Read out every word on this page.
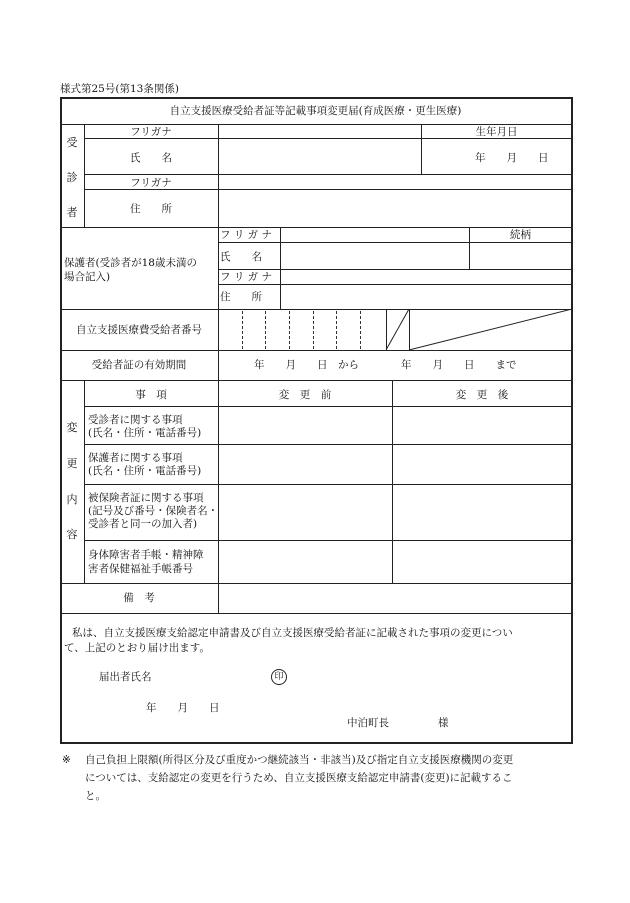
様式第25号(第13条関係)
自立支援医療受給者証等記載事項変更届(育成医療・更生医療)
受
診
者
フリガナ	生年月日
氏　　名	年　　月　　日
フリガナ
住　　所
保護者(受診者が18歳未満の
場合記入)
フ リ ガ ナ	続柄
氏　　名
フ リ ガ ナ
住　　所
自立支援医療費受給者番号
受給者証の有効期間	年　　月　　日　から　　　　年　　月　　日　　まで
変
更
内
容
事　項	変　更　前	変　更　後
受診者に関する事項
(氏名・住所・電話番号)
保護者に関する事項
(氏名・住所・電話番号)
被保険者証に関する事項
(記号及び番号・保険者名・
受診者と同一の加入者)
身体障害者手帳・精神障
害者保健福祉手帳番号
備　考
私は、自立支援医療支給認定申請書及び自立支援医療受給者証に記載された事項の変更につい
て、上記のとおり届け出ます。
届出者氏名	印
年　　月　　日
中泊町長	様
※ 自己負担上限額(所得区分及び重度かつ継続該当・非該当)及び指定自立支援医療機関の変更
については、支給認定の変更を行うため、自立支援医療支給認定申請書(変更)に記載するこ
と。
